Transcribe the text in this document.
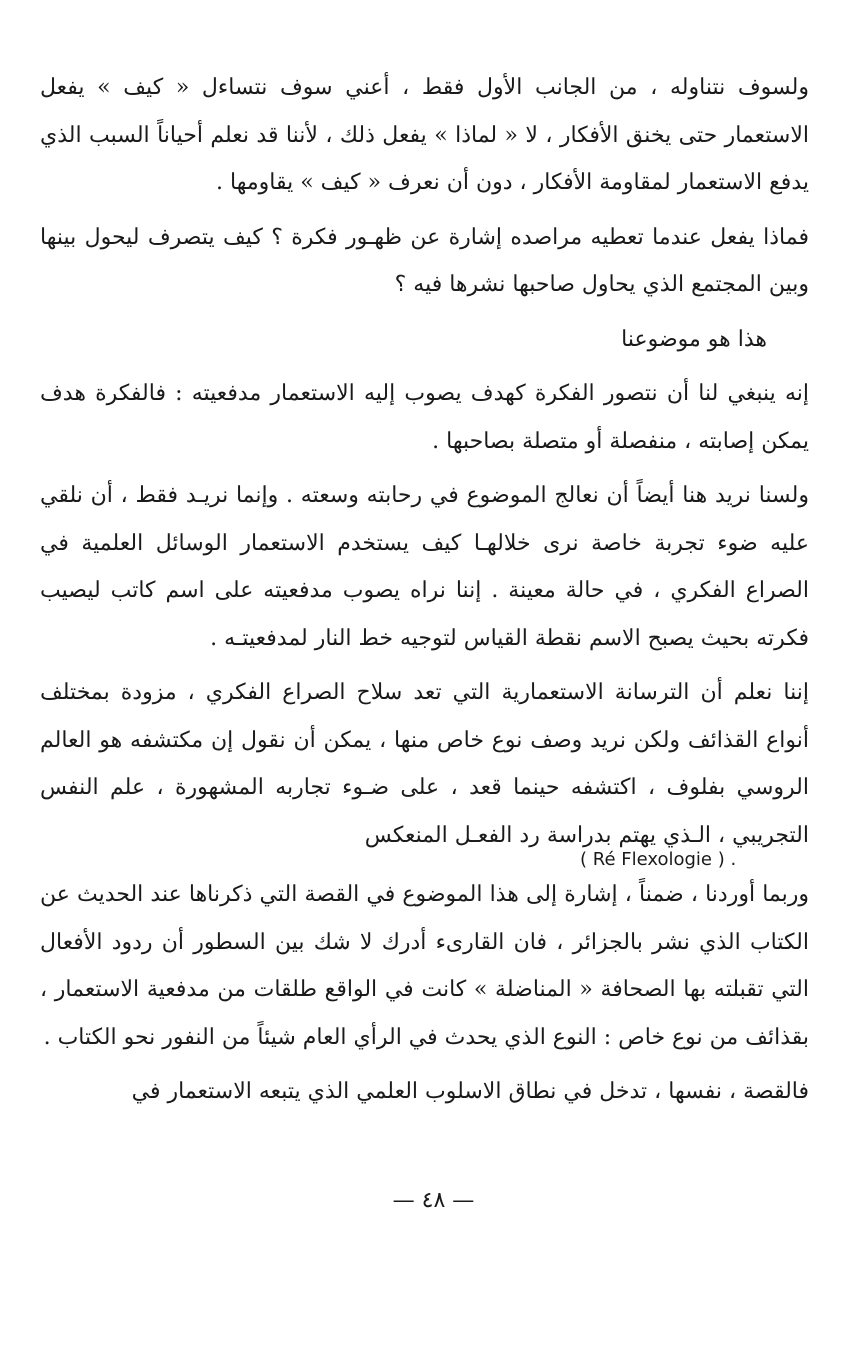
ولسوف نتناوله ، من الجانب الأول فقط ، أعني سوف نتساءل « كيف » يفعل الاستعمار حتى يخنق الأفكار ، لا « لماذا » يفعل ذلك ، لأننا قد نعلم أحياناً السبب الذي يدفع الاستعمار لمقاومة الأفكار ، دون أن نعرف « كيف » يقاومها .

فماذا يفعل عندما تعطيه مراصده إشارة عن ظهـور فكرة ؟ كيف يتصرف ليحول بينها وبين المجتمع الذي يحاول صاحبها نشرها فيه ؟

هذا هو موضوعنا

إنه ينبغي لنا أن نتصور الفكرة كهدف يصوب إليه الاستعمار مدفعيته : فالفكرة هدف يمكن إصابته ، منفصلة أو متصلة بصاحبها .

ولسنا نريد هنا أيضاً أن نعالج الموضوع في رحابته وسعته . وإنما نريـد فقط ، أن نلقي عليه ضوء تجربة خاصة نرى خلالهـا كيف يستخدم الاستعمار الوسائل العلمية في الصراع الفكري ، في حالة معينة . إننا نراه يصوب مدفعيته على اسم كاتب ليصيب فكرته بحيث يصبح الاسم نقطة القياس لتوجيه خط النار لمدفعيتـه .

إننا نعلم أن الترسانة الاستعمارية التي تعد سلاح الصراع الفكري ، مزودة بمختلف أنواع القذائف ولكن نريد وصف نوع خاص منها ، يمكن أن نقول إن مكتشفه هو العالم الروسي بفلوف ، اكتشفه حينما قعد ، على ضـوء تجاربه المشهورة ، علم النفس التجريبي ، الـذي يهتم بدراسة رد الفعـل المنعكس

( Ré Flexologie ) .

وربما أوردنا ، ضمناً ، إشارة إلى هذا الموضوع في القصة التي ذكرناها عند الحديث عن الكتاب الذي نشر بالجزائر ، فان القارىء أدرك لا شك بين السطور أن ردود الأفعال التي تقبلته بها الصحافة « المناضلة » كانت في الواقع طلقات من مدفعية الاستعمار ، بقذائف من نوع خاص : النوع الذي يحدث في الرأي العام شيئاً من النفور نحو الكتاب .

فالقصة ، نفسها ، تدخل في نطاق الاسلوب العلمي الذي يتبعه الاستعمار في

— ٤٨ —
